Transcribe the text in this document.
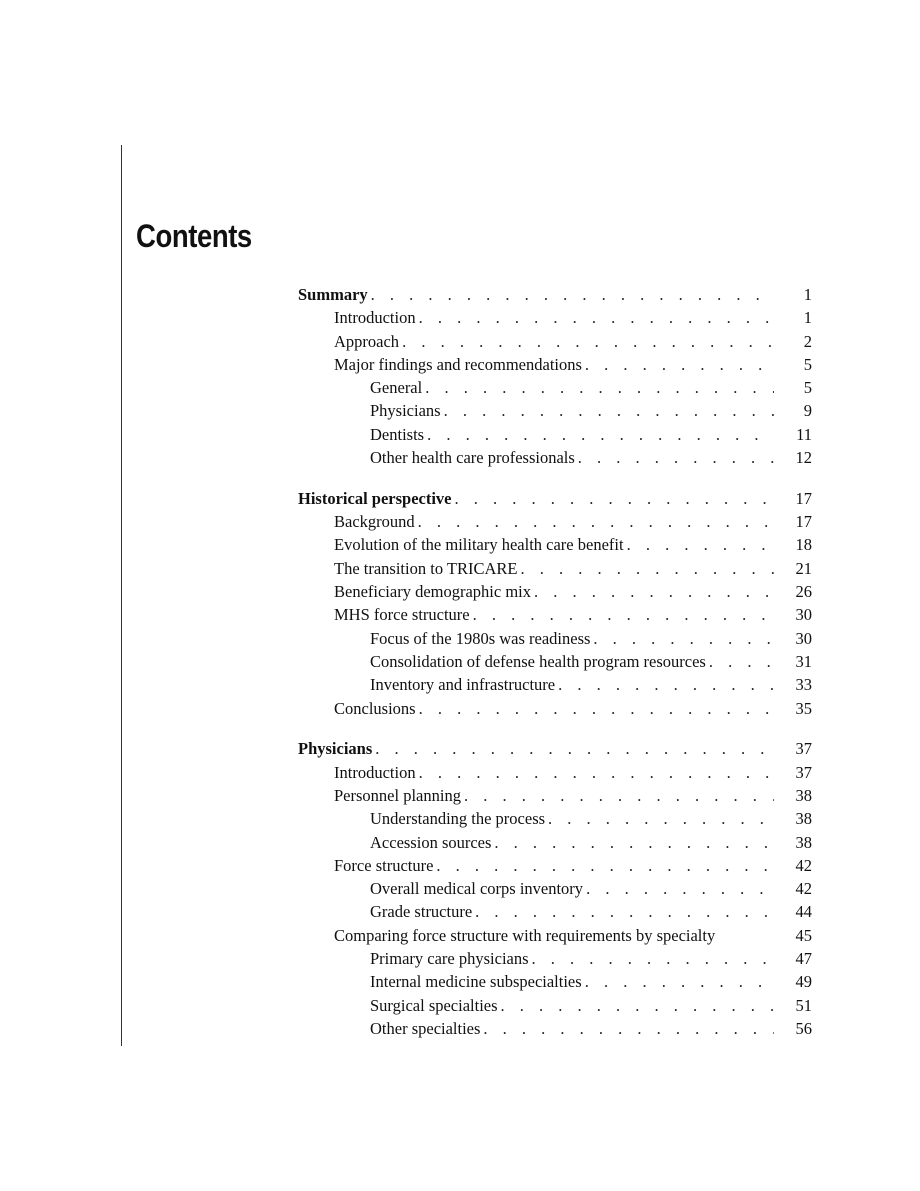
Contents
Summary . . .	1
Introduction . . .	1
Approach . . .	2
Major findings and recommendations . . .	5
General . . .	5
Physicians . . .	9
Dentists . . .	11
Other health care professionals . . .	12
Historical perspective . . .	17
Background . . .	17
Evolution of the military health care benefit . . .	18
The transition to TRICARE . . .	21
Beneficiary demographic mix . . .	26
MHS force structure . . .	30
Focus of the 1980s was readiness . . .	30
Consolidation of defense health program resources . . .	31
Inventory and infrastructure . . .	33
Conclusions . . .	35
Physicians . . .	37
Introduction . . .	37
Personnel planning . . .	38
Understanding the process . . .	38
Accession sources . . .	38
Force structure . . .	42
Overall medical corps inventory . . .	42
Grade structure . . .	44
Comparing force structure with requirements by specialty	45
Primary care physicians . . .	47
Internal medicine subspecialties . . .	49
Surgical specialties . . .	51
Other specialties . . .	56
